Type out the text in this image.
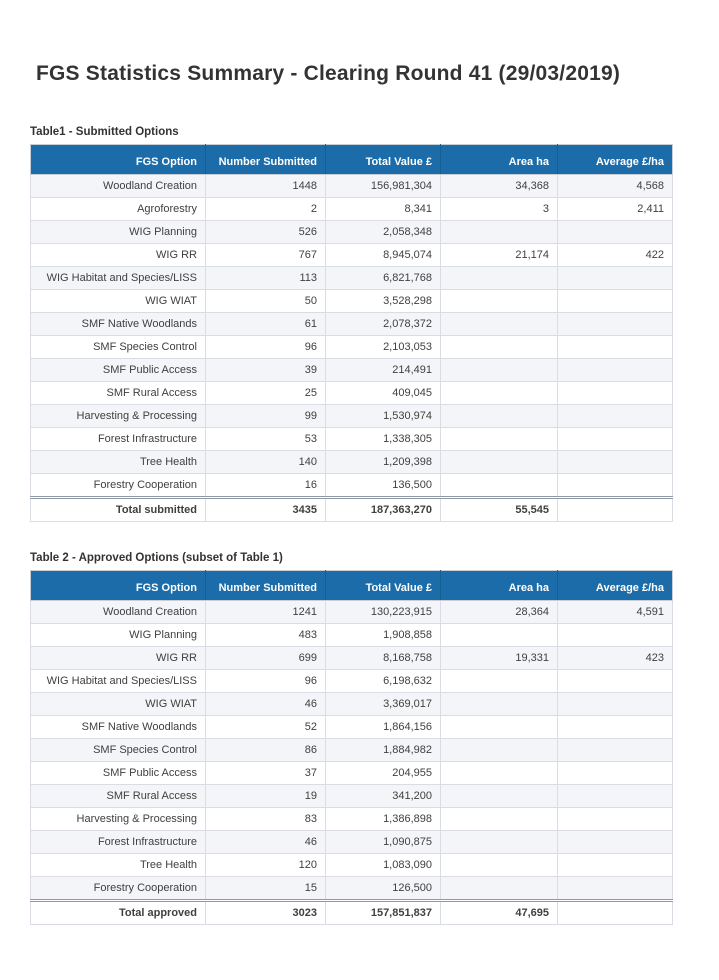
FGS Statistics Summary - Clearing Round 41 (29/03/2019)
Table1 - Submitted Options
FGS Option	Number Submitted	Total Value £	Area ha	Average £/ha
Woodland Creation	1448	156,981,304	34,368	4,568
Agroforestry	2	8,341	3	2,411
WIG Planning	526	2,058,348		
WIG RR	767	8,945,074	21,174	422
WIG Habitat and Species/LISS	113	6,821,768		
WIG WIAT	50	3,528,298		
SMF Native Woodlands	61	2,078,372		
SMF Species Control	96	2,103,053		
SMF Public Access	39	214,491		
SMF Rural Access	25	409,045		
Harvesting & Processing	99	1,530,974		
Forest Infrastructure	53	1,338,305		
Tree Health	140	1,209,398		
Forestry Cooperation	16	136,500		
Total submitted	3435	187,363,270	55,545	
Table 2 - Approved Options (subset of Table 1)
FGS Option	Number Submitted	Total Value £	Area ha	Average £/ha
Woodland Creation	1241	130,223,915	28,364	4,591
WIG Planning	483	1,908,858		
WIG RR	699	8,168,758	19,331	423
WIG Habitat and Species/LISS	96	6,198,632		
WIG WIAT	46	3,369,017		
SMF Native Woodlands	52	1,864,156		
SMF Species Control	86	1,884,982		
SMF Public Access	37	204,955		
SMF Rural Access	19	341,200		
Harvesting & Processing	83	1,386,898		
Forest Infrastructure	46	1,090,875		
Tree Health	120	1,083,090		
Forestry Cooperation	15	126,500		
Total approved	3023	157,851,837	47,695	
